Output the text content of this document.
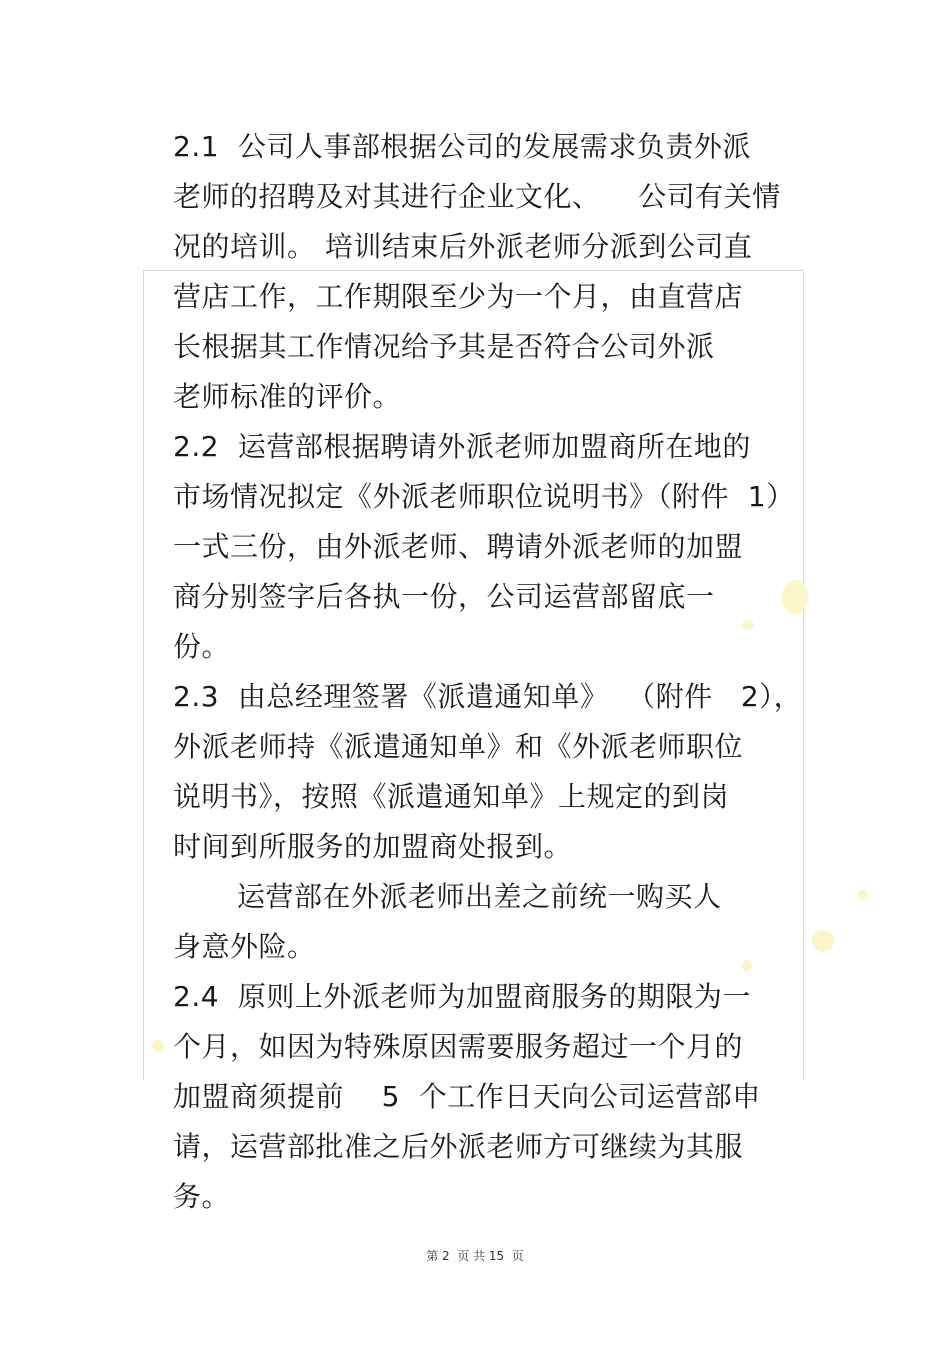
2.1  公司人事部根据公司的发展需求负责外派
老师的招聘及对其进行企业文化、    公司有关情
况的培训。 培训结束后外派老师分派到公司直
营店工作，工作期限至少为一个月，由直营店
长根据其工作情况给予其是否符合公司外派
老师标准的评价。
2.2  运营部根据聘请外派老师加盟商所在地的
市场情况拟定《外派老师职位说明书》（附件  1）
一式三份，由外派老师、聘请外派老师的加盟
商分别签字后各执一份，公司运营部留底一
份。
2.3  由总经理签署《派遣通知单》  （附件   2），
外派老师持《派遣通知单》和《外派老师职位
说明书》，按照《派遣通知单》上规定的到岗
时间到所服务的加盟商处报到。
运营部在外派老师出差之前统一购买人
身意外险。
2.4  原则上外派老师为加盟商服务的期限为一
个月，如因为特殊原因需要服务超过一个月的
加盟商须提前    5  个工作日天向公司运营部申
请，运营部批准之后外派老师方可继续为其服
务。
第 2  页 共 15  页
